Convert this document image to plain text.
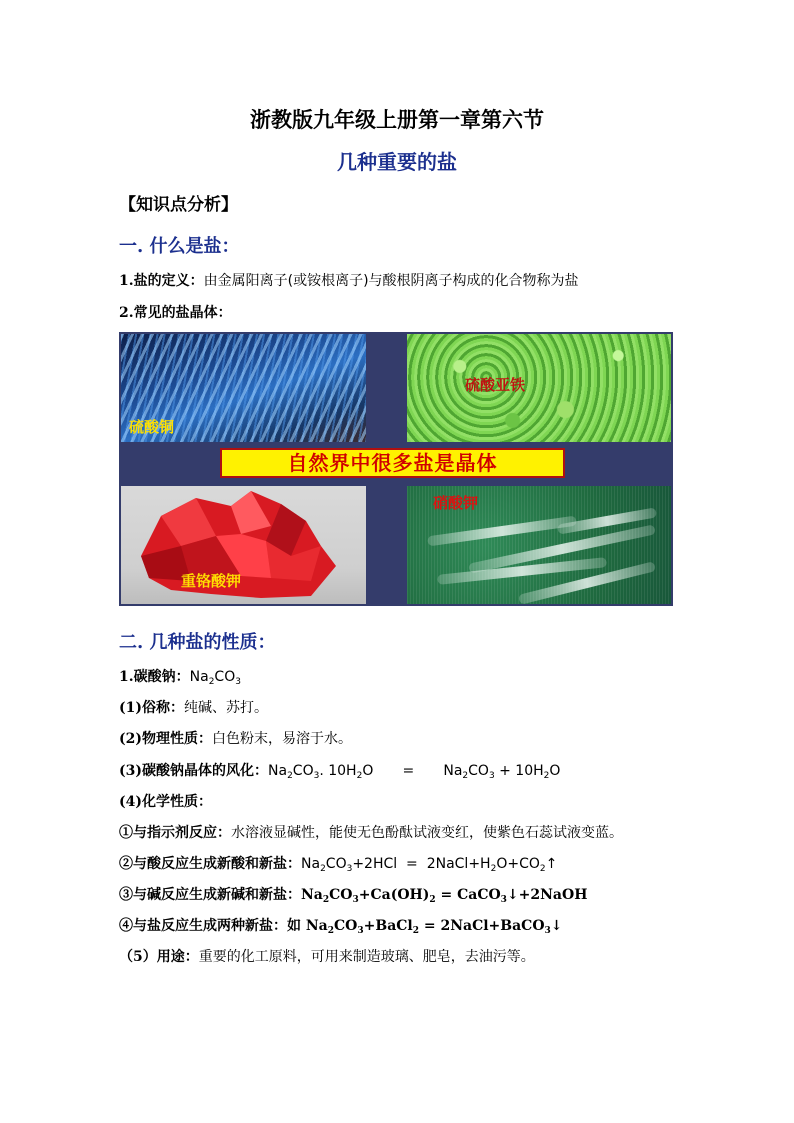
浙教版九年级上册第一章第六节
几种重要的盐
【知识点分析】
一. 什么是盐：
1.盐的定义：由金属阳离子(或铵根离子)与酸根阴离子构成的化合物称为盐
2.常见的盐晶体：
硫酸铜
硫酸亚铁
自然界中很多盐是晶体
重铬酸钾
硝酸钾
二. 几种盐的性质：
1.碳酸钠：$Na_2CO_3$
(1)俗称：纯碱、苏打。
(2)物理性质：白色粉末，易溶于水。
(3)碳酸钠晶体的风化：$Na_2CO_3$. $10H_2O = Na_2CO_3 + 10H_2O$
(4)化学性质：
①与指示剂反应：水溶液显碱性，能使无色酚酞试液变红，使紫色石蕊试液变蓝。
②与酸反应生成新酸和新盐：$Na_2CO_3+2HCl$  =  $2NaCl+H_2O+CO_2↑$
③与碱反应生成新碱和新盐：$Na_2CO_3+Ca(OH)_2$ = CaCO$_3$↓+2NaOH
④与盐反应生成两种新盐：如 $Na_2CO_3+BaCl_2$ = 2NaCl+BaCO$_3$↓
（5）用途：重要的化工原料，可用来制造玻璃、肥皂，去油污等。
